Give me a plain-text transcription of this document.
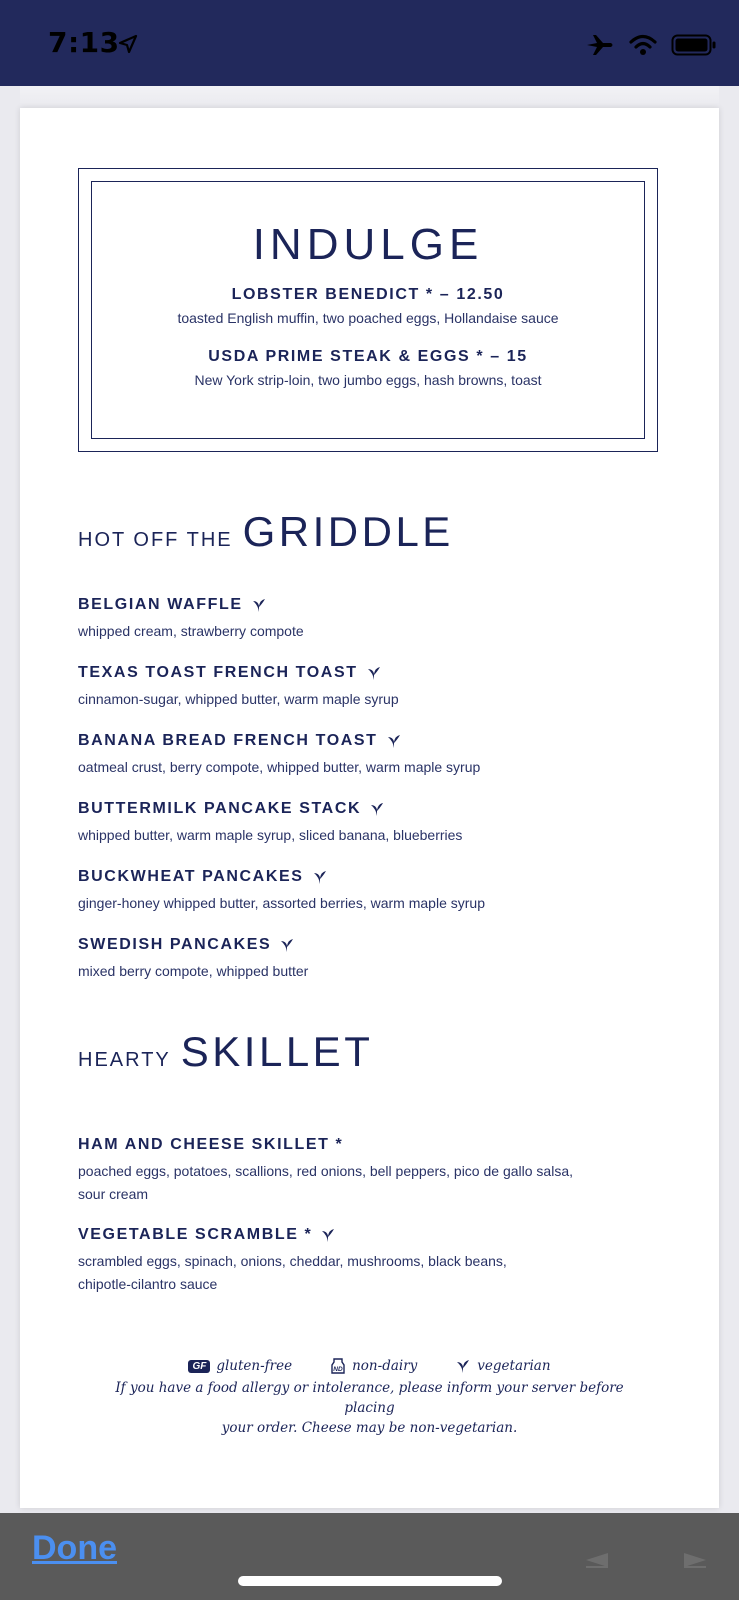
7:13
INDULGE
LOBSTER BENEDICT * – 12.50
toasted English muffin, two poached eggs, Hollandaise sauce
USDA PRIME STEAK & EGGS * – 15
New York strip-loin, two jumbo eggs, hash browns, toast
HOT OFF THE GRIDDLE
BELGIAN WAFFLE
whipped cream, strawberry compote
TEXAS TOAST FRENCH TOAST
cinnamon-sugar, whipped butter, warm maple syrup
BANANA BREAD FRENCH TOAST
oatmeal crust, berry compote, whipped butter, warm maple syrup
BUTTERMILK PANCAKE STACK
whipped butter, warm maple syrup, sliced banana, blueberries
BUCKWHEAT PANCAKES
ginger-honey whipped butter, assorted berries, warm maple syrup
SWEDISH PANCAKES
mixed berry compote, whipped butter
HEARTY SKILLET
HAM AND CHEESE SKILLET *
poached eggs, potatoes, scallions, red onions, bell peppers, pico de gallo salsa,
sour cream
VEGETABLE SCRAMBLE *
scrambled eggs, spinach, onions, cheddar, mushrooms, black beans,
chipotle-cilantro sauce
GF gluten-free	ND non-dairy	vegetarian
If you have a food allergy or intolerance, please inform your server before placing
your order. Cheese may be non-vegetarian.
Done
